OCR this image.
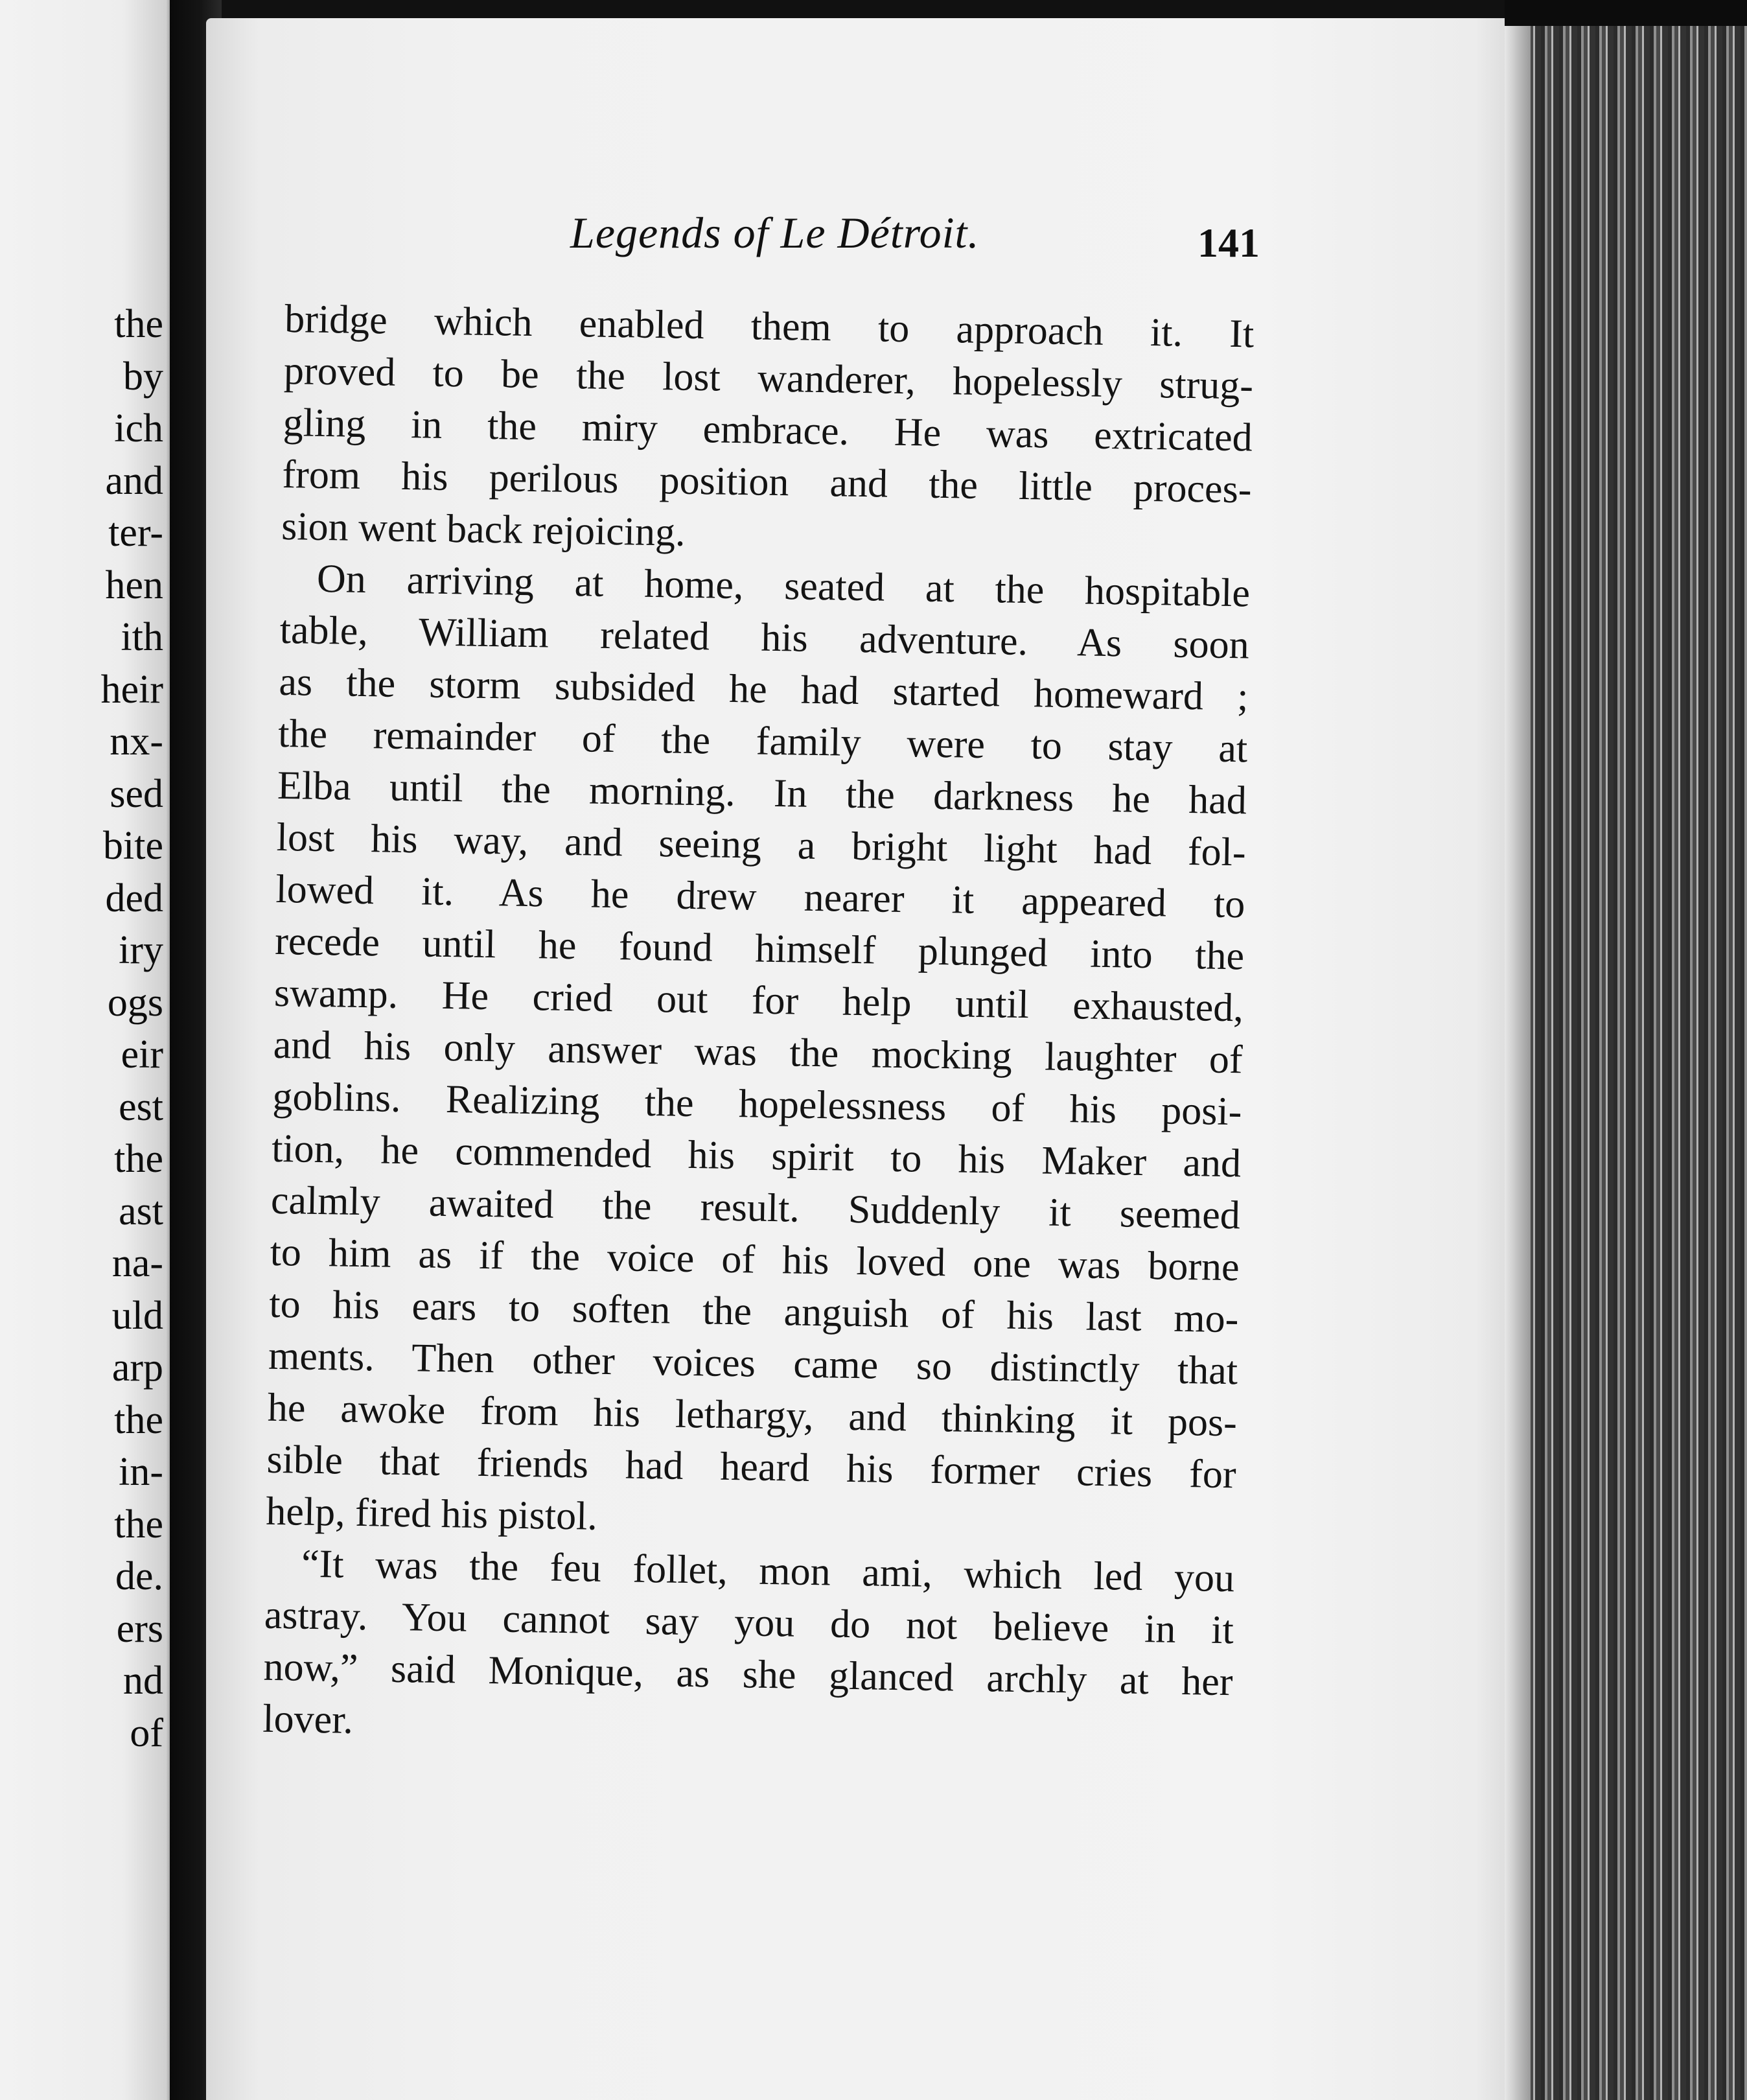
the
by
ich
and
ter-
hen
ith
heir
nx-
sed
bite
ded
iry
ogs
eir
est
the
ast
na-
uld
arp
the
in-
the
de.
ers
nd
of
Legends of Le Détroit.	141
bridge which enabled them to approach it. It
proved to be the lost wanderer, hopelessly strug-
gling in the miry embrace. He was extricated
from his perilous position and the little proces-
sion went back rejoicing.
On arriving at home, seated at the hospitable
table, William related his adventure. As soon
as the storm subsided he had started homeward ;
the remainder of the family were to stay at
Elba until the morning. In the darkness he had
lost his way, and seeing a bright light had fol-
lowed it. As he drew nearer it appeared to
recede until he found himself plunged into the
swamp. He cried out for help until exhausted,
and his only answer was the mocking laughter of
goblins. Realizing the hopelessness of his posi-
tion, he commended his spirit to his Maker and
calmly awaited the result. Suddenly it seemed
to him as if the voice of his loved one was borne
to his ears to soften the anguish of his last mo-
ments. Then other voices came so distinctly that
he awoke from his lethargy, and thinking it pos-
sible that friends had heard his former cries for
help, fired his pistol.
“It was the feu follet, mon ami, which led you
astray. You cannot say you do not believe in it
now,” said Monique, as she glanced archly at her
lover.
